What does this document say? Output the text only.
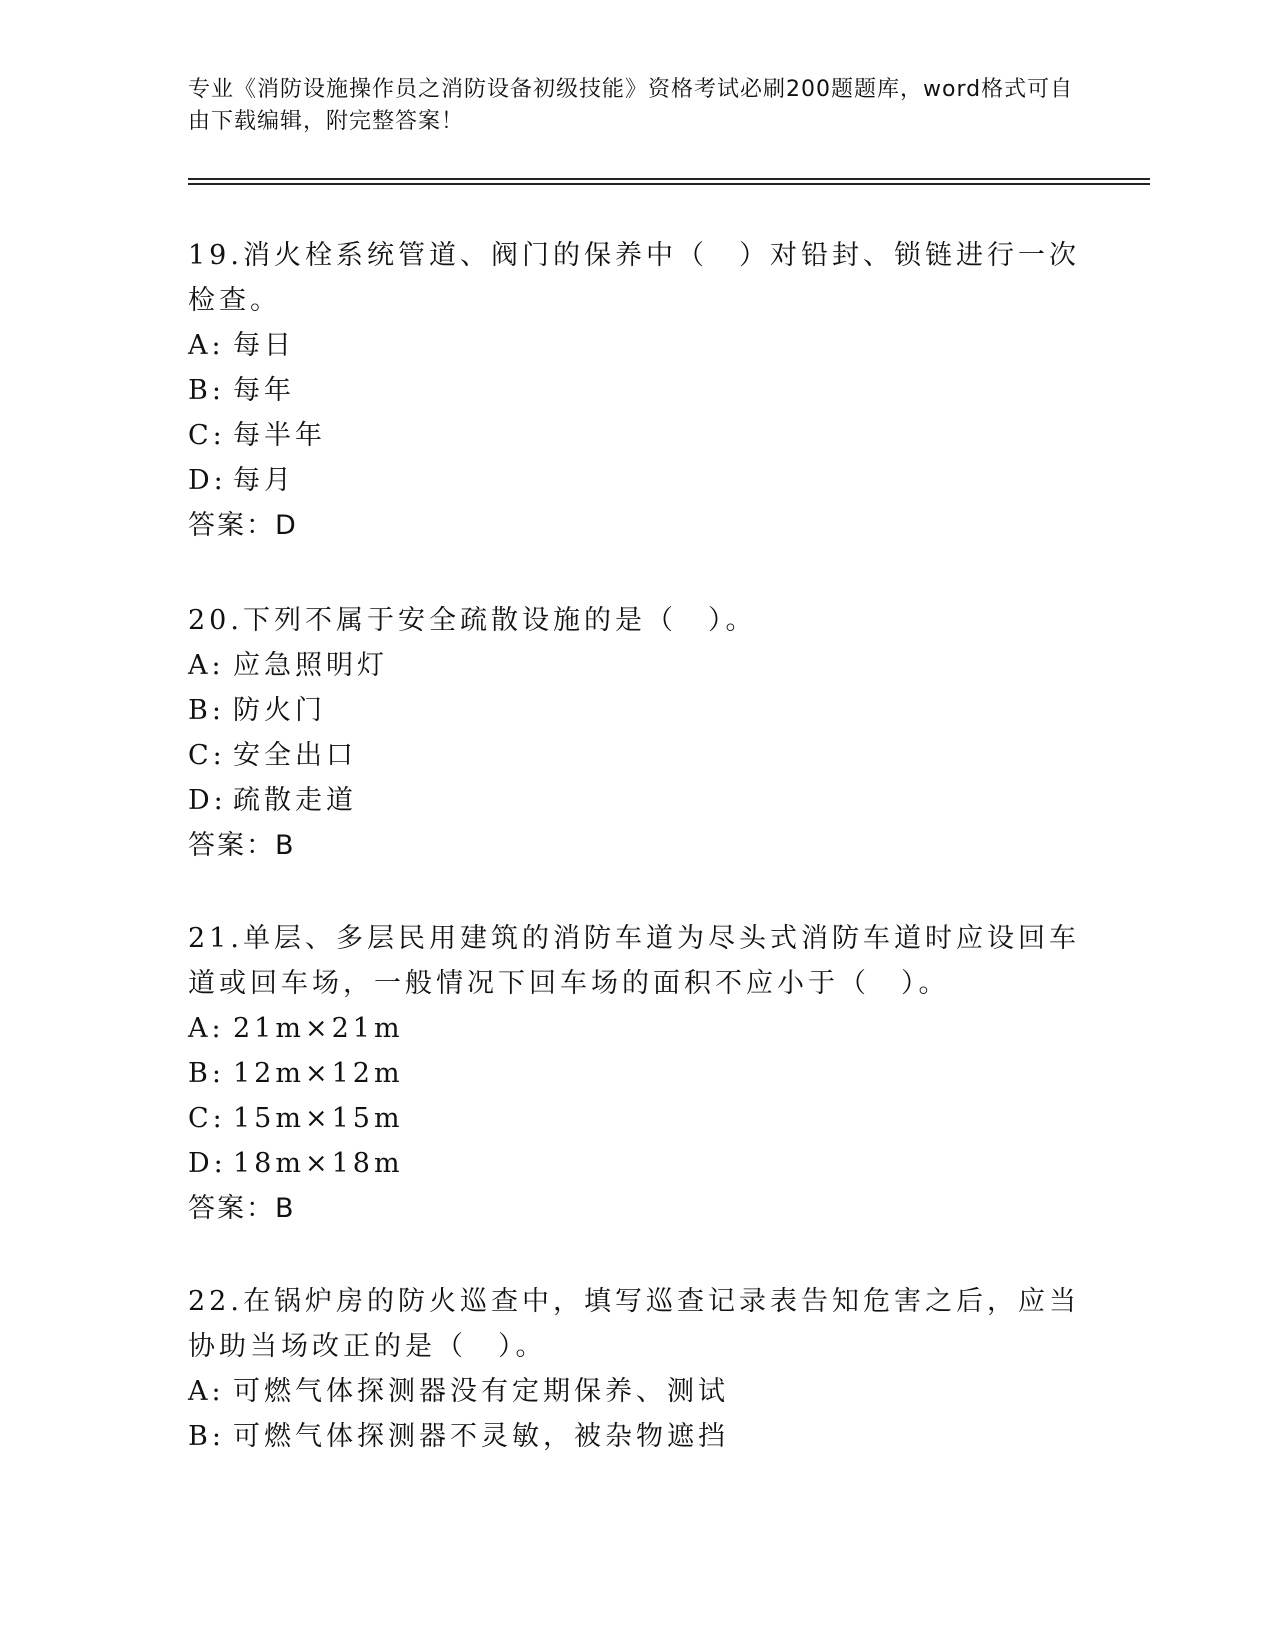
专业《消防设施操作员之消防设备初级技能》资格考试必刷200题题库，word格式可自由下载编辑，附完整答案！

19.消火栓系统管道、阀门的保养中（　）对铅封、锁链进行一次检查。

A: 每日

B: 每年

C: 每半年

D: 每月

答案：D

20.下列不属于安全疏散设施的是（　）。

A: 应急照明灯

B: 防火门

C: 安全出口

D: 疏散走道

答案：B

21.单层、多层民用建筑的消防车道为尽头式消防车道时应设回车道或回车场，一般情况下回车场的面积不应小于（　）。

A: 21m×21m

B: 12m×12m

C: 15m×15m

D: 18m×18m

答案：B

22.在锅炉房的防火巡查中，填写巡查记录表告知危害之后，应当协助当场改正的是（　）。

A: 可燃气体探测器没有定期保养、测试

B: 可燃气体探测器不灵敏，被杂物遮挡
